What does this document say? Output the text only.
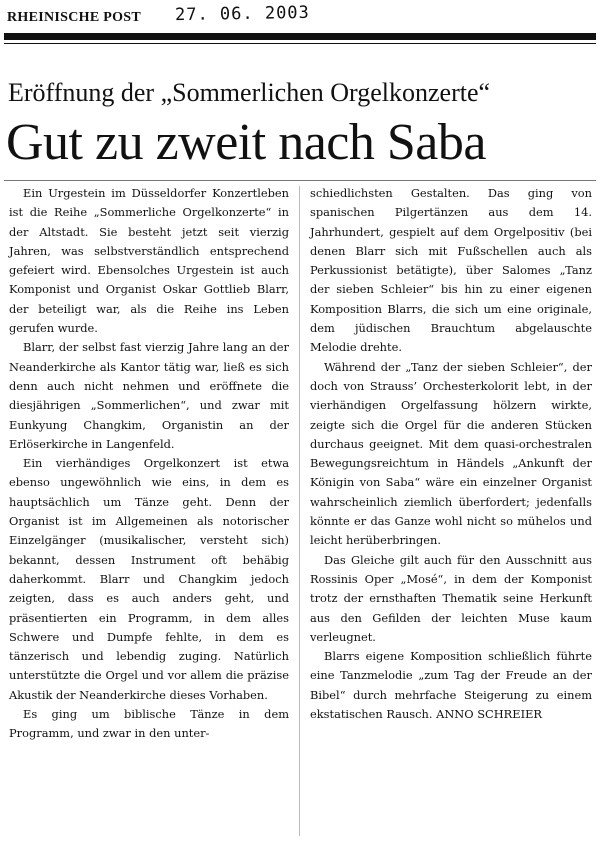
RHEINISCHE POST 27. 06. 2003
Eröffnung der „Sommerlichen Orgelkonzerte“
Gut zu zweit nach Saba

Ein Urgestein im Düsseldorfer Konzertleben ist die Reihe „Sommerliche Orgelkonzerte“ in der Altstadt. Sie besteht jetzt seit vierzig Jahren, was selbstverständlich entsprechend gefeiert wird. Ebensolches Urgestein ist auch Komponist und Organist Oskar Gottlieb Blarr, der beteiligt war, als die Reihe ins Leben gerufen wurde.

Blarr, der selbst fast vierzig Jahre lang an der Neanderkirche als Kantor tätig war, ließ es sich denn auch nicht nehmen und eröffnete die diesjährigen „Sommerlichen“, und zwar mit Eunkyung Changkim, Organistin an der Erlöserkirche in Langenfeld.

Ein vierhändiges Orgelkonzert ist etwa ebenso ungewöhnlich wie eins, in dem es hauptsächlich um Tänze geht. Denn der Organist ist im Allgemeinen als notorischer Einzelgänger (musikalischer, versteht sich) bekannt, dessen Instrument oft behäbig daherkommt. Blarr und Changkim jedoch zeigten, dass es auch anders geht, und präsentierten ein Programm, in dem alles Schwere und Dumpfe fehlte, in dem es tänzerisch und lebendig zuging. Natürlich unterstützte die Orgel und vor allem die präzise Akustik der Neanderkirche dieses Vorhaben.

Es ging um biblische Tänze in dem Programm, und zwar in den unter-

schiedlichsten Gestalten. Das ging von spanischen Pilgertänzen aus dem 14. Jahrhundert, gespielt auf dem Orgelpositiv (bei denen Blarr sich mit Fußschellen auch als Perkussionist betätigte), über Salomes „Tanz der sieben Schleier“ bis hin zu einer eigenen Komposition Blarrs, die sich um eine originale, dem jüdischen Brauchtum abgelauschte Melodie drehte.

Während der „Tanz der sieben Schleier“, der doch von Strauss’ Orchesterkolorit lebt, in der vierhändigen Orgelfassung hölzern wirkte, zeigte sich die Orgel für die anderen Stücken durchaus geeignet. Mit dem quasi-orchestralen Bewegungsreichtum in Händels „Ankunft der Königin von Saba“ wäre ein einzelner Organist wahrscheinlich ziemlich überfordert; jedenfalls könnte er das Ganze wohl nicht so mühelos und leicht herüberbringen.

Das Gleiche gilt auch für den Ausschnitt aus Rossinis Oper „Mosé“, in dem der Komponist trotz der ernsthaften Thematik seine Herkunft aus den Gefilden der leichten Muse kaum verleugnet.

Blarrs eigene Komposition schließlich führte eine Tanzmelodie „zum Tag der Freude an der Bibel“ durch mehrfache Steigerung zu einem ekstatischen Rausch. ANNO SCHREIER
